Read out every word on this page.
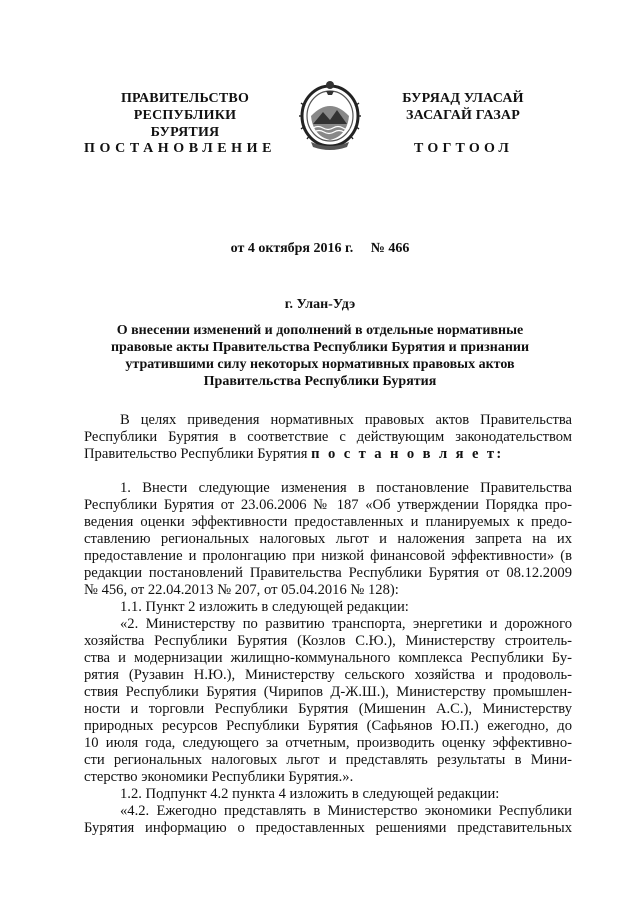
ПРАВИТЕЛЬСТВО
РЕСПУБЛИКИ БУРЯТИЯ
БУРЯАД УЛАСАЙ
ЗАСАГАЙ ГАЗАР
ПОСТАНОВЛЕНИЕ	ТОГТООЛ
от 4 октября 2016 г.     № 466
г. Улан-Удэ
О внесении изменений и дополнений в отдельные нормативные правовые акты Правительства Республики Бурятия и признании утратившими силу некоторых нормативных правовых актов Правительства Республики Бурятия
В целях приведения нормативных правовых актов Правительства
Республики Бурятия в соответствие с действующим законодательством
Правительство Республики Бурятия п о с т а н о в л я е т:
1. Внести следующие изменения в постановление Правительства
Республики Бурятия от 23.06.2006 № 187 «Об утверждении Порядка про-
ведения оценки эффективности предоставленных и планируемых к предо-
ставлению региональных налоговых льгот и наложения запрета на их
предоставление и пролонгацию при низкой финансовой эффективности» (в
редакции постановлений Правительства Республики Бурятия от 08.12.2009
№ 456, от 22.04.2013 № 207, от 05.04.2016 № 128):
1.1. Пункт 2 изложить в следующей редакции:
«2. Министерству по развитию транспорта, энергетики и дорожного
хозяйства Республики Бурятия (Козлов С.Ю.), Министерству строитель-
ства и модернизации жилищно-коммунального комплекса Республики Бу-
рятия (Рузавин Н.Ю.), Министерству сельского хозяйства и продоволь-
ствия Республики Бурятия (Чирипов Д-Ж.Ш.), Министерству промышлен-
ности и торговли Республики Бурятия (Мишенин А.С.), Министерству
природных ресурсов Республики Бурятия (Сафьянов Ю.П.) ежегодно, до
10 июля года, следующего за отчетным, производить оценку эффективно-
сти региональных налоговых льгот и представлять результаты в Мини-
стерство экономики Республики Бурятия.».
1.2. Подпункт 4.2 пункта 4 изложить в следующей редакции:
«4.2. Ежегодно представлять в Министерство экономики Республики
Бурятия информацию о предоставленных решениями представительных
